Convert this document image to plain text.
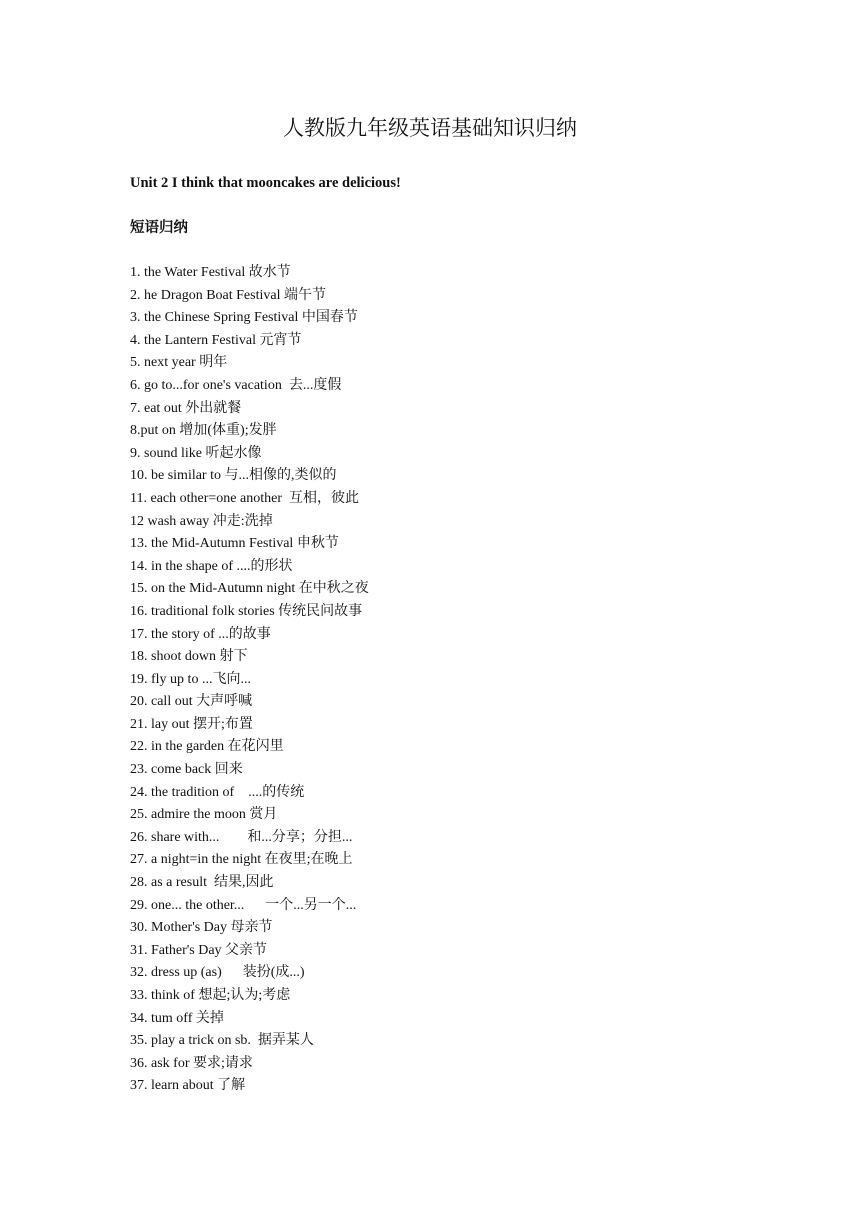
人教版九年级英语基础知识归纳
Unit 2 I think that mooncakes are delicious!
短语归纳
1. the Water Festival 故水节
2. he Dragon Boat Festival 端午节
3. the Chinese Spring Festival 中国春节
4. the Lantern Festival 元宵节
5. next year 明年
6. go to...for one's vacation  去...度假
7. eat out 外出就餐
8.put on 增加(体重);发胖
9. sound like 听起水像
10. be similar to 与...相像的,类似的
11. each other=one another  互相，彼此
12 wash away 冲走:洗掉
13. the Mid-Autumn Festival 申秋节
14. in the shape of ....的形状
15. on the Mid-Autumn night 在中秋之夜
16. traditional folk stories 传统民问故事
17. the story of ...的故事
18. shoot down 射下
19. fly up to ...飞向...
20. call out 大声呼喊
21. lay out 摆开;布置
22. in the garden 在花闪里
23. come back 回来
24. the tradition of    ....的传统
25. admire the moon 赏月
26. share with...        和...分享；分担...
27. a night=in the night 在夜里;在晚上
28. as a result  结果,因此
29. one... the other...      一个...另一个...
30. Mother's Day 母亲节
31. Father's Day 父亲节
32. dress up (as)      装扮(成...)
33. think of 想起;认为;考虑
34. tum off 关掉
35. play a trick on sb.  据弄某人
36. ask for 要求;请求
37. learn about 了解
